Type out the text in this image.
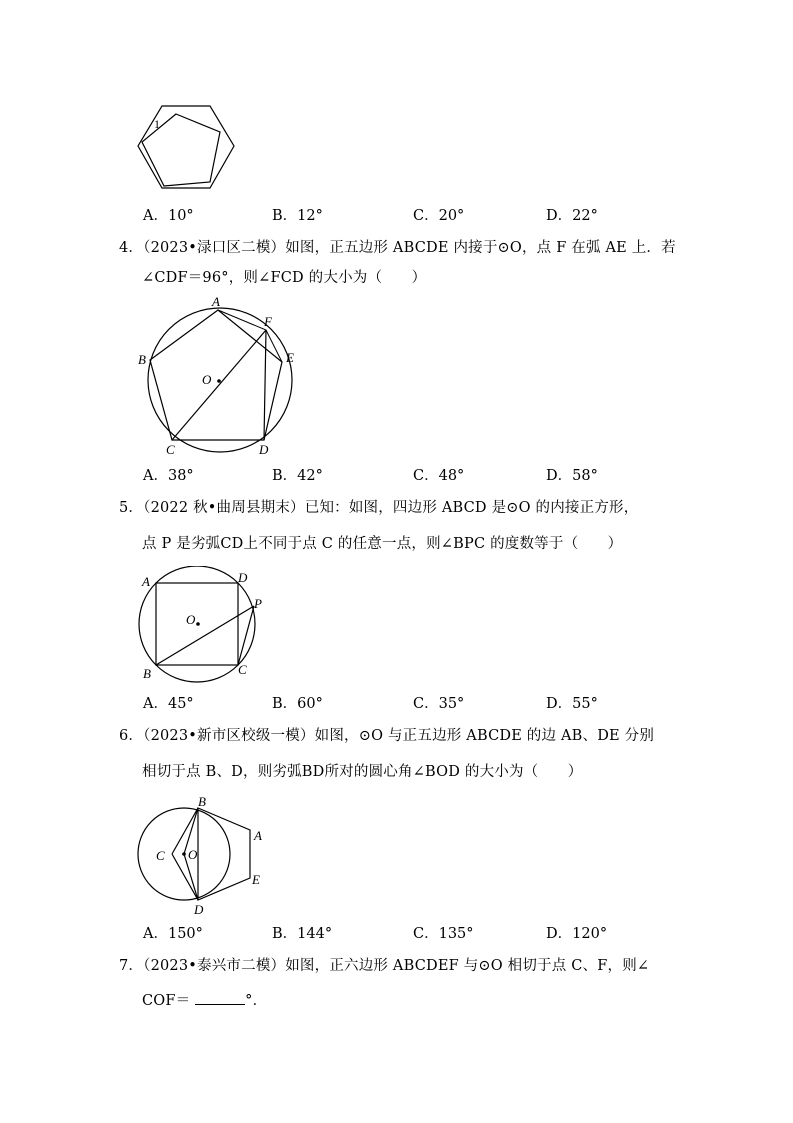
1
A．10°	B．12°	C．20°	D．22°
4．（2023•渌口区二模）如图，正五边形 ABCDE 内接于⊙O，点 F 在弧 AE 上．若
∠CDF＝96°，则∠FCD 的大小为（　　）
A
B
C	D
E
F
O
A．38°	B．42°	C．48°	D．58°
5．（2022 秋•曲周县期末）已知：如图，四边形 ABCD 是⊙O 的内接正方形，
点 P 是劣弧CD上不同于点 C 的任意一点，则∠BPC 的度数等于（　　）
A
B	C
D
P
O
A．45°	B．60°	C．35°	D．55°
6．（2023•新市区校级一模）如图，⊙O 与正五边形 ABCDE 的边 AB、DE 分别
相切于点 B、D，则劣弧BD所对的圆心角∠BOD 的大小为（　　）
A
B
C
D
E
O
A．150°	B．144°	C．135°	D．120°
7．（2023•泰兴市二模）如图，正六边形 ABCDEF 与⊙O 相切于点 C、F，则∠
COF＝	°．
